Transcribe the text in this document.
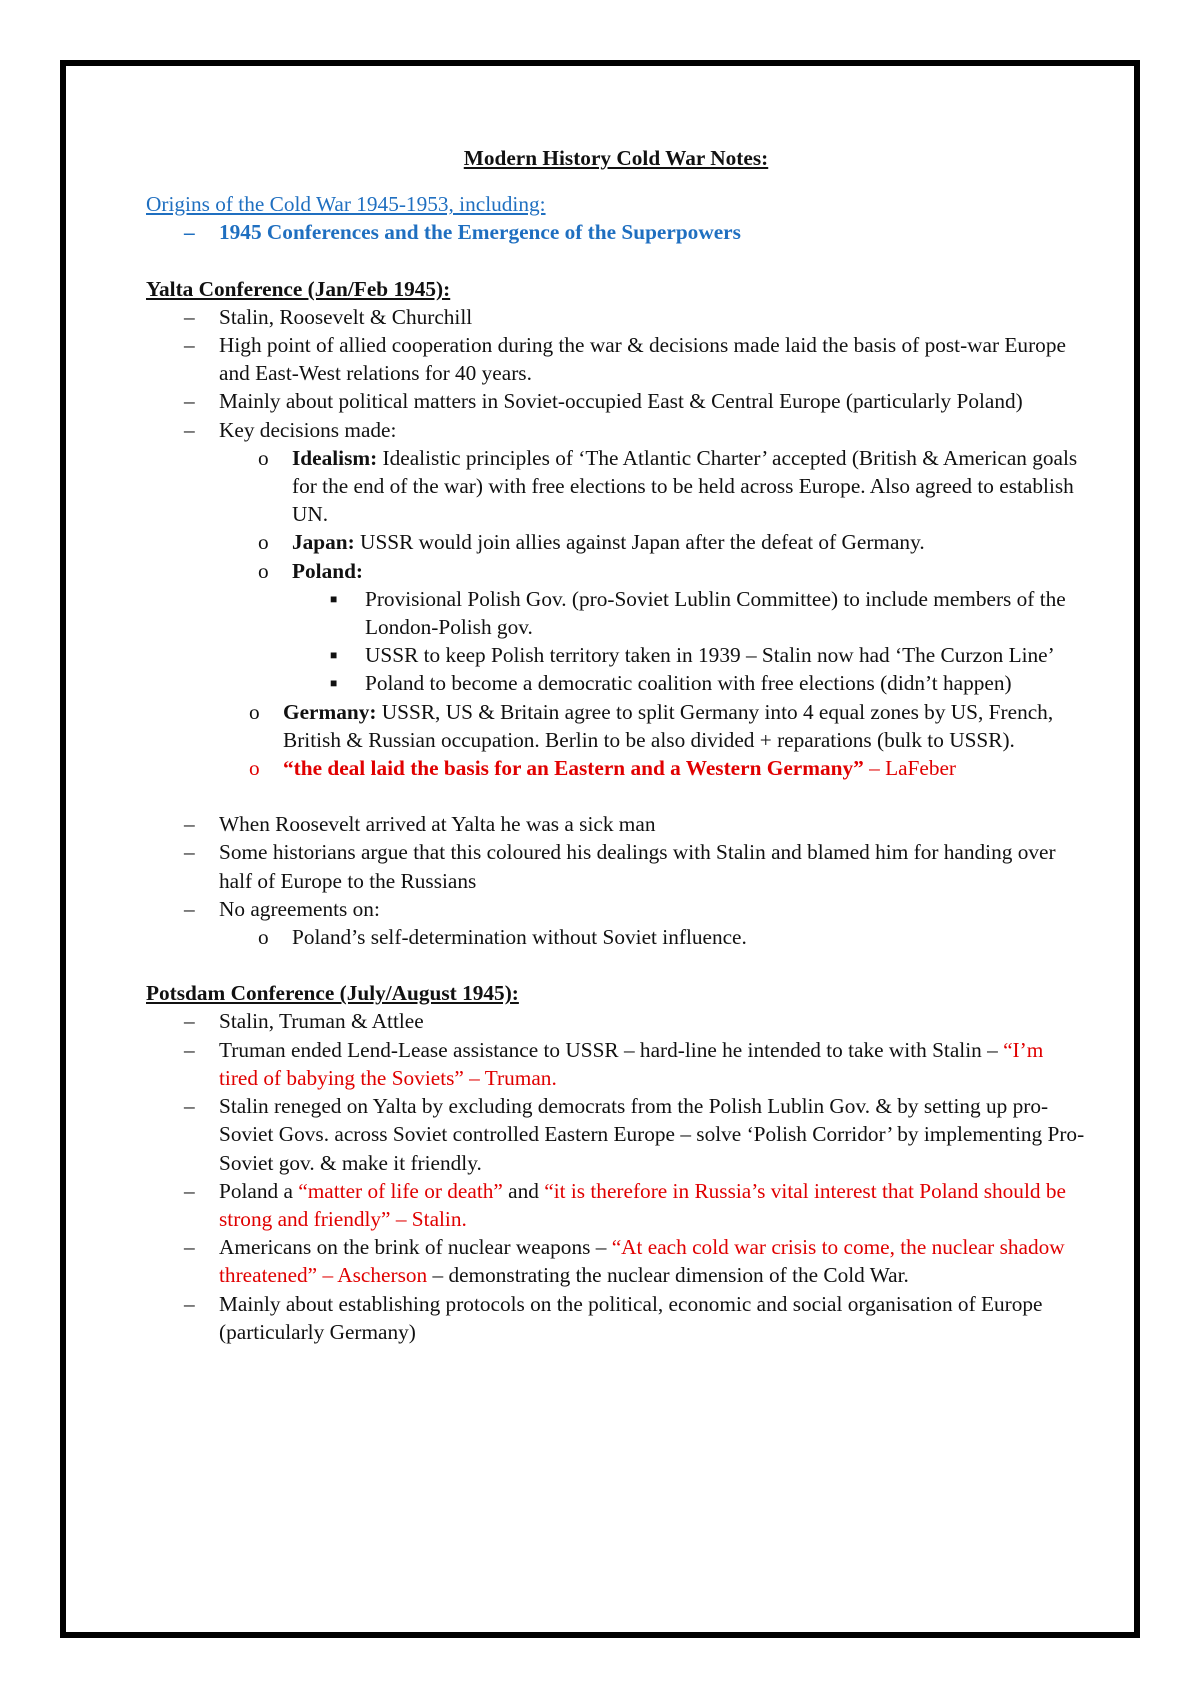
Modern History Cold War Notes:
Origins of the Cold War 1945-1953, including:
– 1945 Conferences and the Emergence of the Superpowers
Yalta Conference (Jan/Feb 1945):
– Stalin, Roosevelt & Churchill
– High point of allied cooperation during the war & decisions made laid the basis of post-war Europe and East-West relations for 40 years.
– Mainly about political matters in Soviet-occupied East & Central Europe (particularly Poland)
– Key decisions made:
o Idealism: Idealistic principles of ‘The Atlantic Charter’ accepted (British & American goals for the end of the war) with free elections to be held across Europe. Also agreed to establish UN.
o Japan: USSR would join allies against Japan after the defeat of Germany.
o Poland:
■ Provisional Polish Gov. (pro-Soviet Lublin Committee) to include members of the London-Polish gov.
■ USSR to keep Polish territory taken in 1939 – Stalin now had ‘The Curzon Line’
■ Poland to become a democratic coalition with free elections (didn’t happen)
o Germany: USSR, US & Britain agree to split Germany into 4 equal zones by US, French, British & Russian occupation. Berlin to be also divided + reparations (bulk to USSR).
o “the deal laid the basis for an Eastern and a Western Germany” – LaFeber
– When Roosevelt arrived at Yalta he was a sick man
– Some historians argue that this coloured his dealings with Stalin and blamed him for handing over half of Europe to the Russians
– No agreements on:
o Poland’s self-determination without Soviet influence.
Potsdam Conference (July/August 1945):
– Stalin, Truman & Attlee
– Truman ended Lend-Lease assistance to USSR – hard-line he intended to take with Stalin – “I’m tired of babying the Soviets” – Truman.
– Stalin reneged on Yalta by excluding democrats from the Polish Lublin Gov. & by setting up pro-Soviet Govs. across Soviet controlled Eastern Europe – solve ‘Polish Corridor’ by implementing Pro-Soviet gov. & make it friendly.
– Poland a “matter of life or death” and “it is therefore in Russia’s vital interest that Poland should be strong and friendly” – Stalin.
– Americans on the brink of nuclear weapons – “At each cold war crisis to come, the nuclear shadow threatened” – Ascherson – demonstrating the nuclear dimension of the Cold War.
– Mainly about establishing protocols on the political, economic and social organisation of Europe (particularly Germany)
